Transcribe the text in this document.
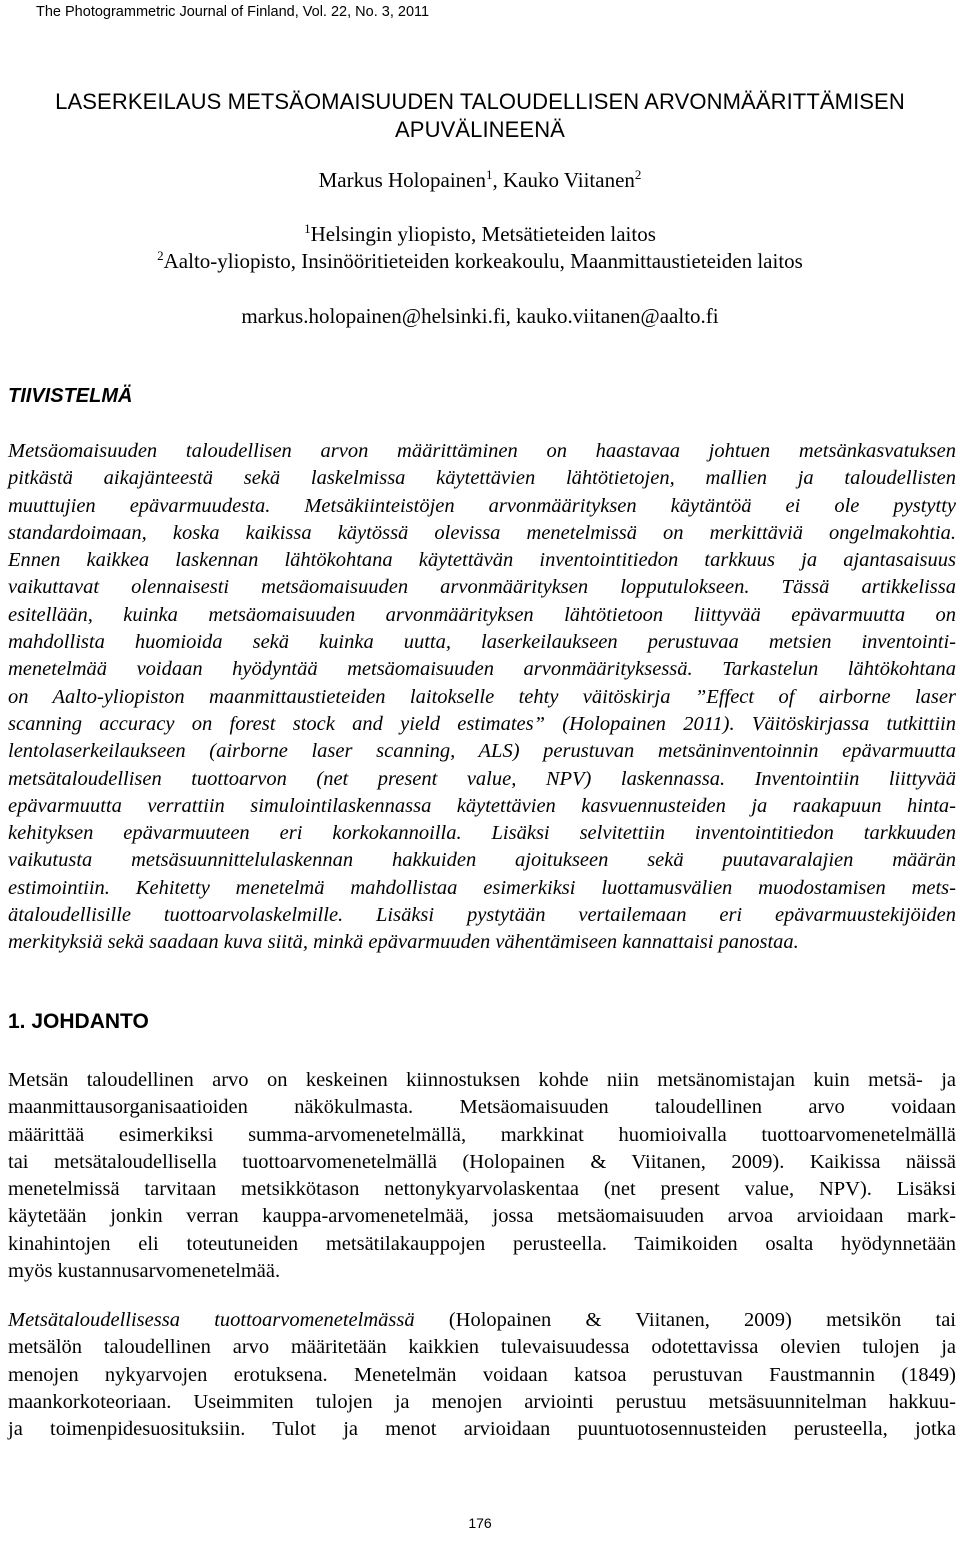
The Photogrammetric Journal of Finland, Vol. 22, No. 3, 2011
LASERKEILAUS METSÄOMAISUUDEN TALOUDELLISEN ARVONMÄÄRITTÄMISEN
APUVÄLINEENÄ
Markus Holopainen$^1$, Kauko Viitanen$^2$
$^1$Helsingin yliopisto, Metsätieteiden laitos
$^2$Aalto-yliopisto, Insinööritieteiden korkeakoulu, Maanmittaustieteiden laitos
markus.holopainen@helsinki.fi, kauko.viitanen@aalto.fi
TIIVISTELMÄ
Metsäomaisuuden taloudellisen arvon määrittäminen on haastavaa johtuen metsänkasvatuksen
pitkästä aikajänteestä sekä laskelmissa käytettävien lähtötietojen, mallien ja taloudellisten
muuttujien epävarmuudesta. Metsäkiinteistöjen arvonmäärityksen käytäntöä ei ole pystytty
standardoimaan, koska kaikissa käytössä olevissa menetelmissä on merkittäviä ongelmakohtia.
Ennen kaikkea laskennan lähtökohtana käytettävän inventointitiedon tarkkuus ja ajantasaisuus
vaikuttavat olennaisesti metsäomaisuuden arvonmäärityksen lopputulokseen. Tässä artikkelissa
esitellään, kuinka metsäomaisuuden arvonmäärityksen lähtötietoon liittyvää epävarmuutta on
mahdollista huomioida sekä kuinka uutta, laserkeilaukseen perustuvaa metsien inventointi-
menetelmää voidaan hyödyntää metsäomaisuuden arvonmäärityksessä. Tarkastelun lähtökohtana
on Aalto-yliopiston maanmittaustieteiden laitokselle tehty väitöskirja ”Effect of airborne laser
scanning accuracy on forest stock and yield estimates” (Holopainen 2011). Väitöskirjassa tutkittiin
lentolaserkeilaukseen (airborne laser scanning, ALS) perustuvan metsäninventoinnin epävarmuutta
metsätaloudellisen tuottoarvon (net present value, NPV) laskennassa. Inventointiin liittyvää
epävarmuutta verrattiin simulointilaskennassa käytettävien kasvuennusteiden ja raakapuun hinta-
kehityksen epävarmuuteen eri korkokannoilla. Lisäksi selvitettiin inventointitiedon tarkkuuden
vaikutusta metsäsuunnittelulaskennan hakkuiden ajoitukseen sekä puutavaralajien määrän
estimointiin. Kehitetty menetelmä mahdollistaa esimerkiksi luottamusvälien muodostamisen mets-
ätaloudellisille tuottoarvolaskelmille. Lisäksi pystytään vertailemaan eri epävarmuustekijöiden
merkityksiä sekä saadaan kuva siitä, minkä epävarmuuden vähentämiseen kannattaisi panostaa.
1. JOHDANTO
Metsän taloudellinen arvo on keskeinen kiinnostuksen kohde niin metsänomistajan kuin metsä- ja
maanmittausorganisaatioiden näkökulmasta. Metsäomaisuuden taloudellinen arvo voidaan
määrittää esimerkiksi summa-arvomenetelmällä, markkinat huomioivalla tuottoarvomenetelmällä
tai metsätaloudellisella tuottoarvomenetelmällä (Holopainen & Viitanen, 2009). Kaikissa näissä
menetelmissä tarvitaan metsikkötason nettonykyarvolaskentaa (net present value, NPV). Lisäksi
käytetään jonkin verran kauppa-arvomenetelmää, jossa metsäomaisuuden arvoa arvioidaan mark-
kinahintojen eli toteutuneiden metsätilakauppojen perusteella. Taimikoiden osalta hyödynnetään
myös kustannusarvomenetelmää.
Metsätaloudellisessa tuottoarvomenetelmässä (Holopainen & Viitanen, 2009) metsikön tai
metsälön taloudellinen arvo määritetään kaikkien tulevaisuudessa odotettavissa olevien tulojen ja
menojen nykyarvojen erotuksena. Menetelmän voidaan katsoa perustuvan Faustmannin (1849)
maankorkoteoriaan. Useimmiten tulojen ja menojen arviointi perustuu metsäsuunnitelman hakkuu-
ja toimenpidesuosituksiin. Tulot ja menot arvioidaan puuntuotosennusteiden perusteella, jotka
176
